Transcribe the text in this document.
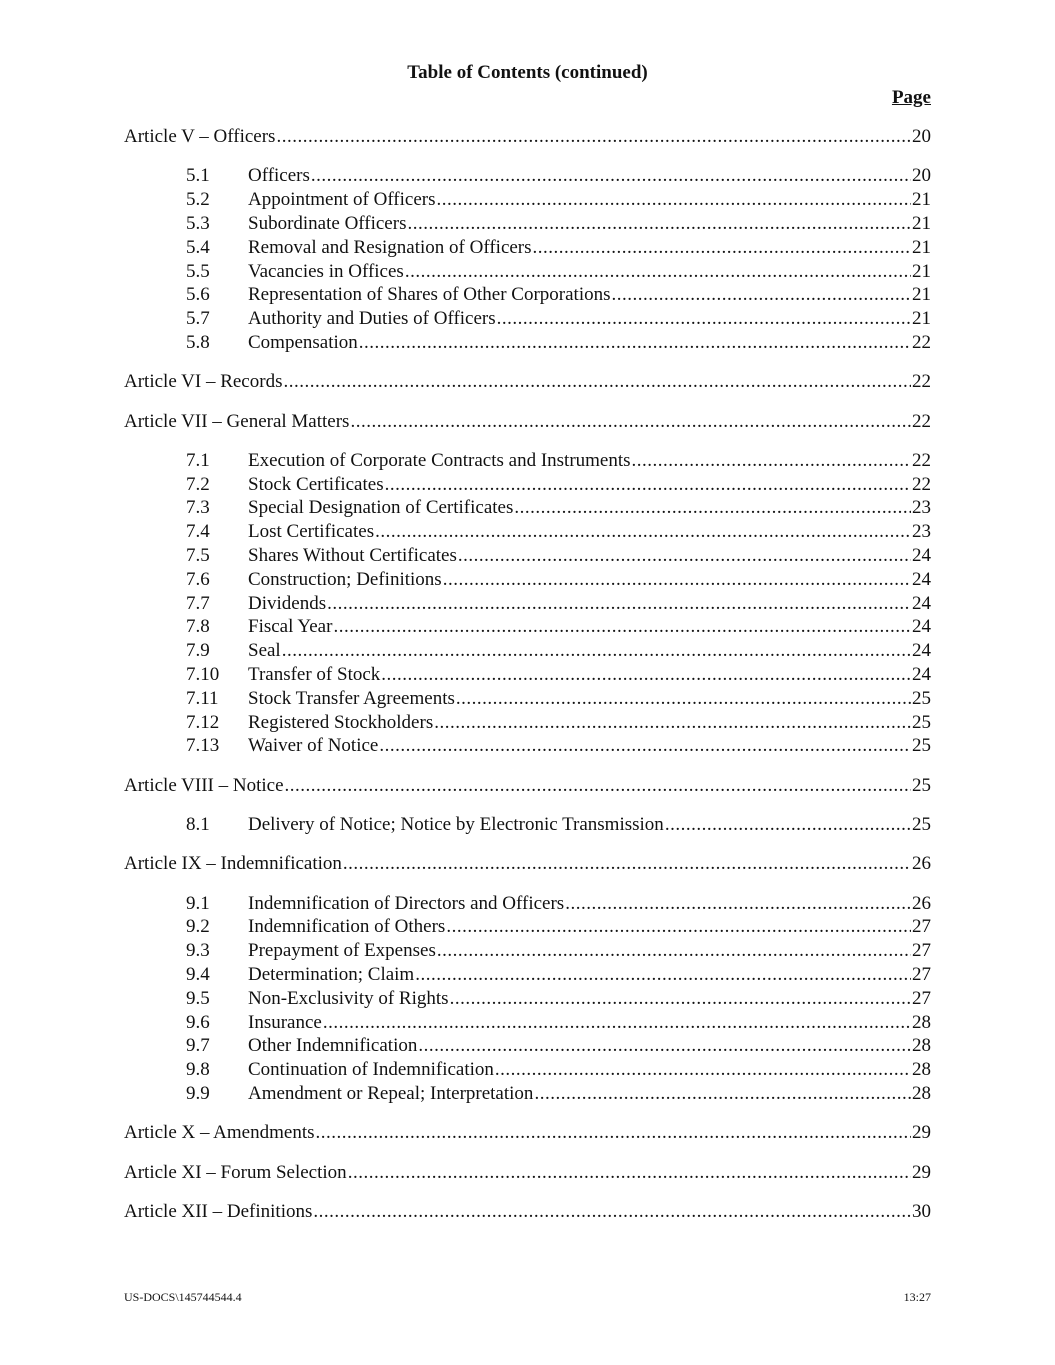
Table of Contents (continued)
Page
Article V – Officers .....	20
5.1	Officers .....	20
5.2	Appointment of Officers .....	21
5.3	Subordinate Officers .....	21
5.4	Removal and Resignation of Officers .....	21
5.5	Vacancies in Offices .....	21
5.6	Representation of Shares of Other Corporations .....	21
5.7	Authority and Duties of Officers .....	21
5.8	Compensation .....	22
Article VI – Records .....	22
Article VII – General Matters .....	22
7.1	Execution of Corporate Contracts and Instruments .....	22
7.2	Stock Certificates .....	22
7.3	Special Designation of Certificates .....	23
7.4	Lost Certificates .....	23
7.5	Shares Without Certificates .....	24
7.6	Construction; Definitions .....	24
7.7	Dividends .....	24
7.8	Fiscal Year .....	24
7.9	Seal .....	24
7.10	Transfer of Stock .....	24
7.11	Stock Transfer Agreements .....	25
7.12	Registered Stockholders .....	25
7.13	Waiver of Notice .....	25
Article VIII – Notice .....	25
8.1	Delivery of Notice; Notice by Electronic Transmission .....	25
Article IX – Indemnification .....	26
9.1	Indemnification of Directors and Officers .....	26
9.2	Indemnification of Others .....	27
9.3	Prepayment of Expenses .....	27
9.4	Determination; Claim .....	27
9.5	Non-Exclusivity of Rights .....	27
9.6	Insurance .....	28
9.7	Other Indemnification .....	28
9.8	Continuation of Indemnification .....	28
9.9	Amendment or Repeal; Interpretation .....	28
Article X – Amendments .....	29
Article XI – Forum Selection .....	29
Article XII – Definitions .....	30
US-DOCS\145744544.4	13:27
